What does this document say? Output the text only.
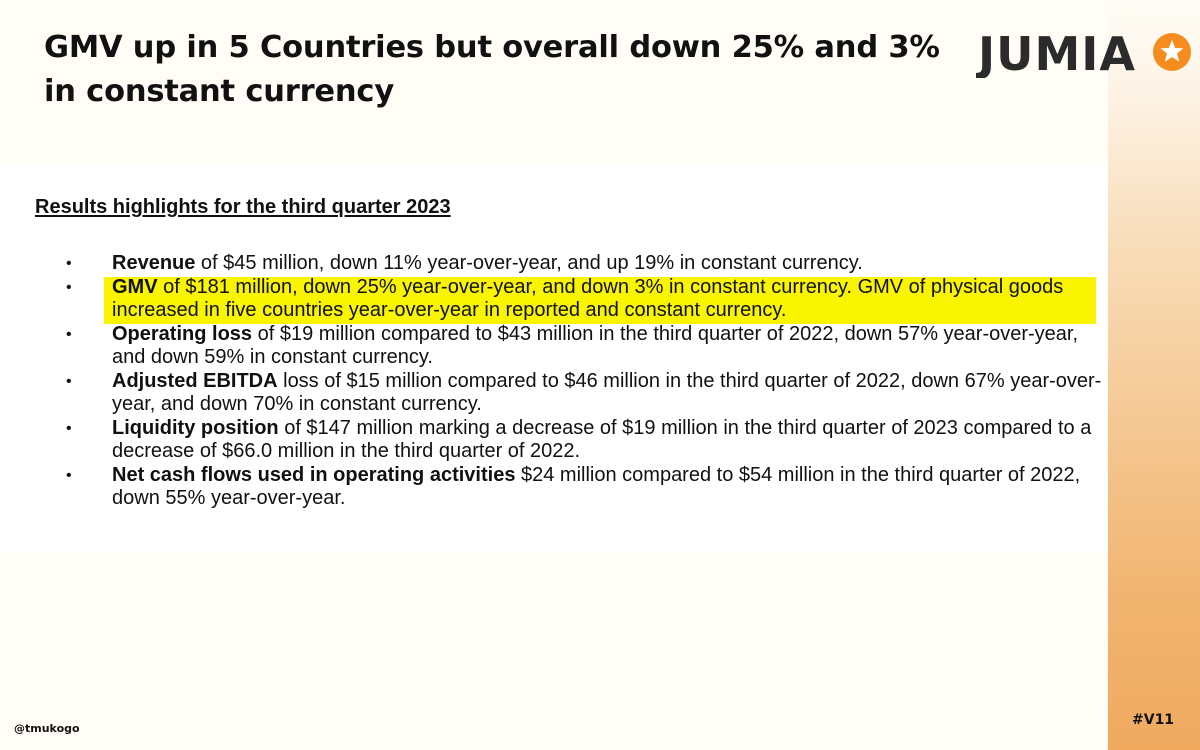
GMV up in 5 Countries but overall down 25% and 3% in constant currency
JUMIA
Results highlights for the third quarter 2023
•	Revenue of $45 million, down 11% year-over-year, and up 19% in constant currency.
•	GMV of $181 million, down 25% year-over-year, and down 3% in constant currency. GMV of physical goods increased in five countries year-over-year in reported and constant currency.
•	Operating loss of $19 million compared to $43 million in the third quarter of 2022, down 57% year-over-year, and down 59% in constant currency.
•	Adjusted EBITDA loss of $15 million compared to $46 million in the third quarter of 2022, down 67% year-over-year, and down 70% in constant currency.
•	Liquidity position of $147 million marking a decrease of $19 million in the third quarter of 2023 compared to a decrease of $66.0 million in the third quarter of 2022.
•	Net cash flows used in operating activities $24 million compared to $54 million in the third quarter of 2022, down 55% year-over-year.
@tmukogo
#V11
